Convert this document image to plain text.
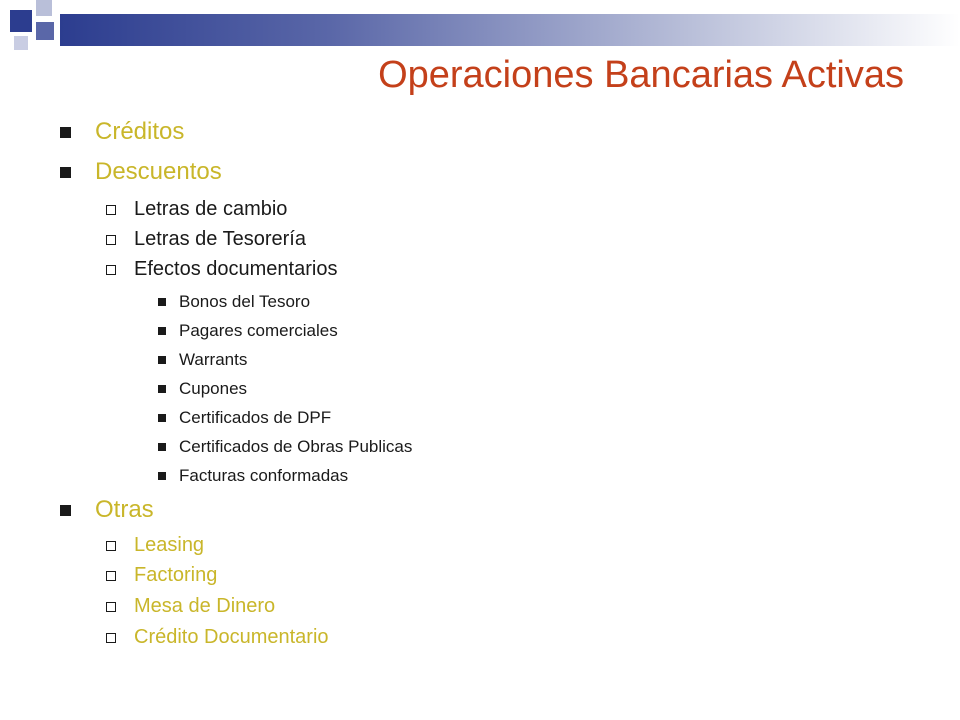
Operaciones Bancarias Activas
Créditos
Descuentos
Letras de cambio
Letras de Tesorería
Efectos documentarios
Bonos del Tesoro
Pagares comerciales
Warrants
Cupones
Certificados de DPF
Certificados de Obras Publicas
Facturas conformadas
Otras
Leasing
Factoring
Mesa de Dinero
Crédito Documentario
